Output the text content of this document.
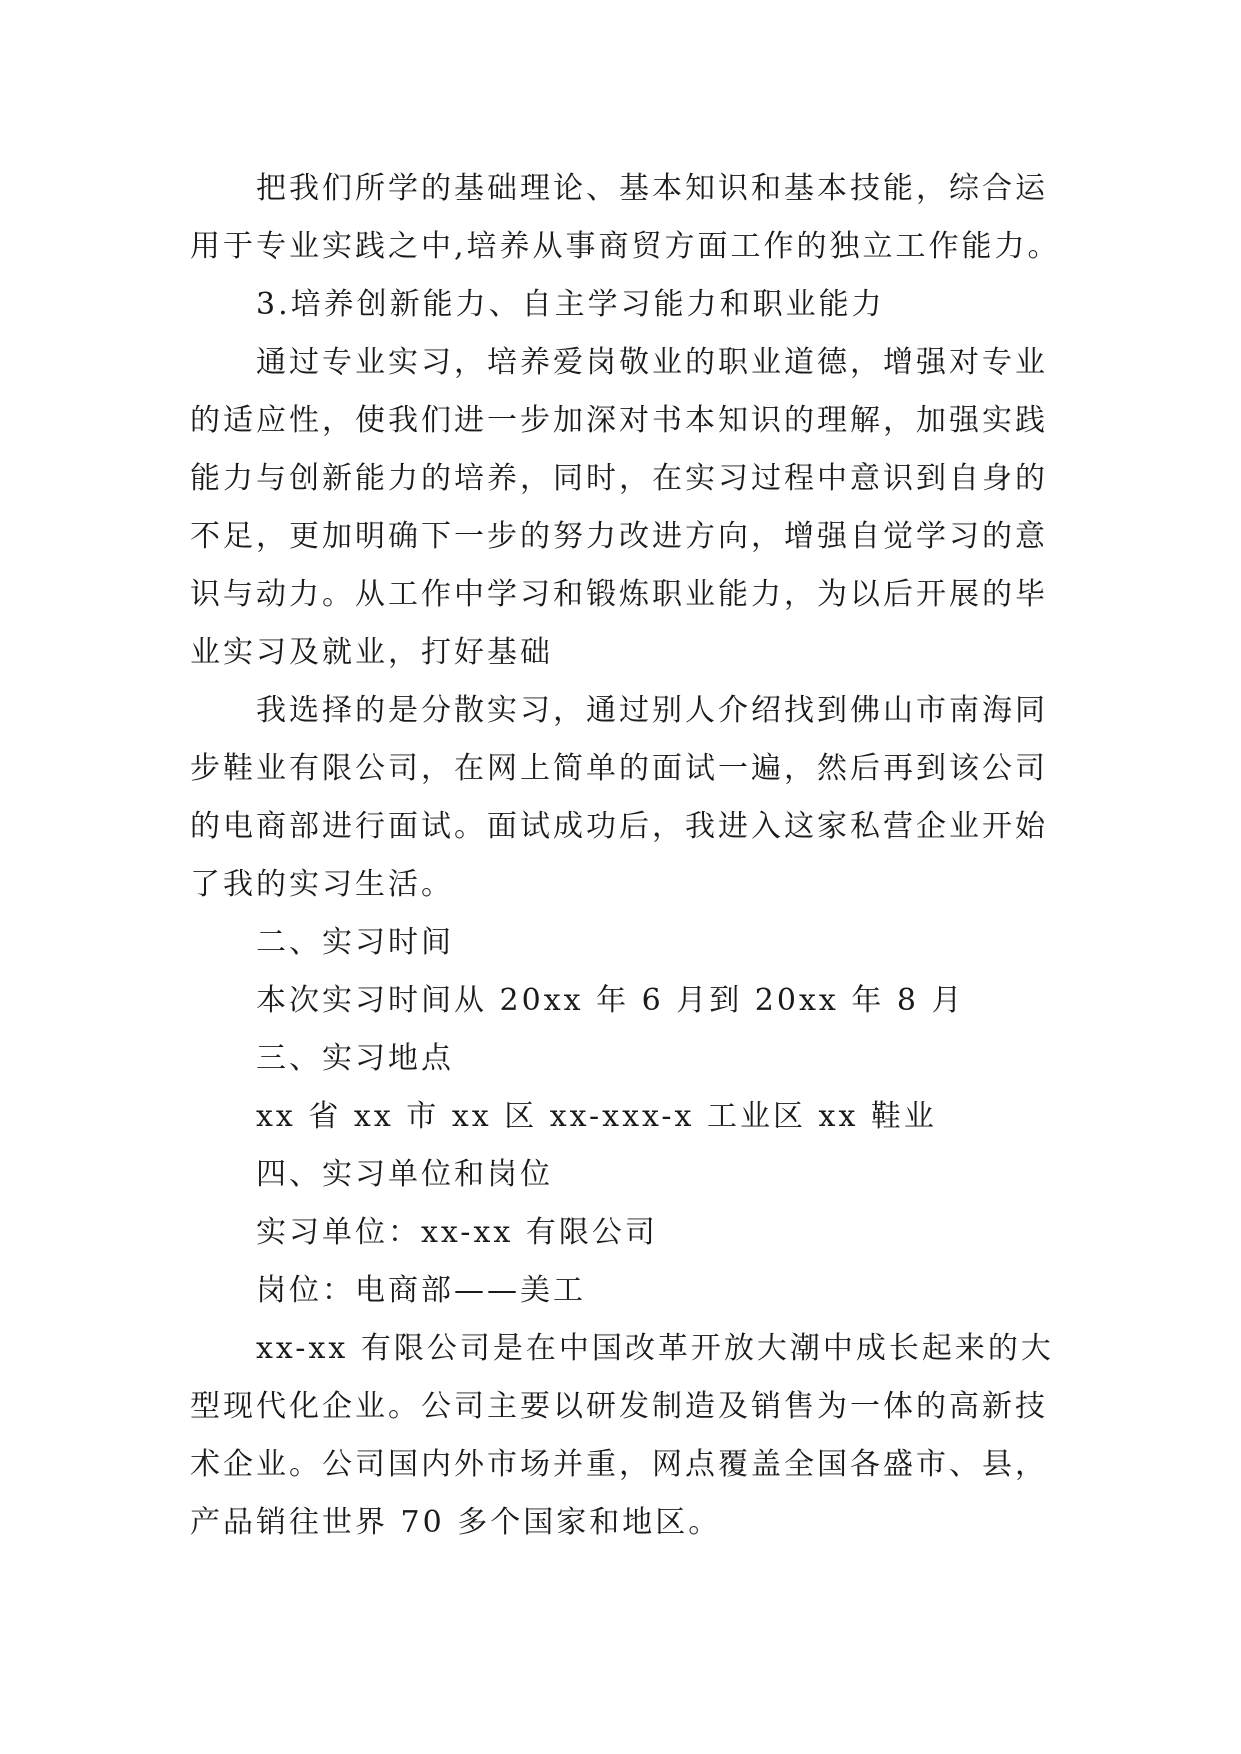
把我们所学的基础理论、基本知识和基本技能，综合运
用于专业实践之中,培养从事商贸方面工作的独立工作能力。
3.培养创新能力、自主学习能力和职业能力
通过专业实习，培养爱岗敬业的职业道德，增强对专业
的适应性，使我们进一步加深对书本知识的理解，加强实践
能力与创新能力的培养，同时，在实习过程中意识到自身的
不足，更加明确下一步的努力改进方向，增强自觉学习的意
识与动力。从工作中学习和锻炼职业能力，为以后开展的毕
业实习及就业，打好基础
我选择的是分散实习，通过别人介绍找到佛山市南海同
步鞋业有限公司，在网上简单的面试一遍，然后再到该公司
的电商部进行面试。面试成功后，我进入这家私营企业开始
了我的实习生活。
二、实习时间
本次实习时间从 20xx 年 6 月到 20xx 年 8 月
三、实习地点
xx 省 xx 市 xx 区 xx-xxx-x 工业区 xx 鞋业
四、实习单位和岗位
实习单位：xx-xx 有限公司
岗位：电商部——美工
xx-xx 有限公司是在中国改革开放大潮中成长起来的大
型现代化企业。公司主要以研发制造及销售为一体的高新技
术企业。公司国内外市场并重，网点覆盖全国各盛市、县，
产品销往世界 70 多个国家和地区。
